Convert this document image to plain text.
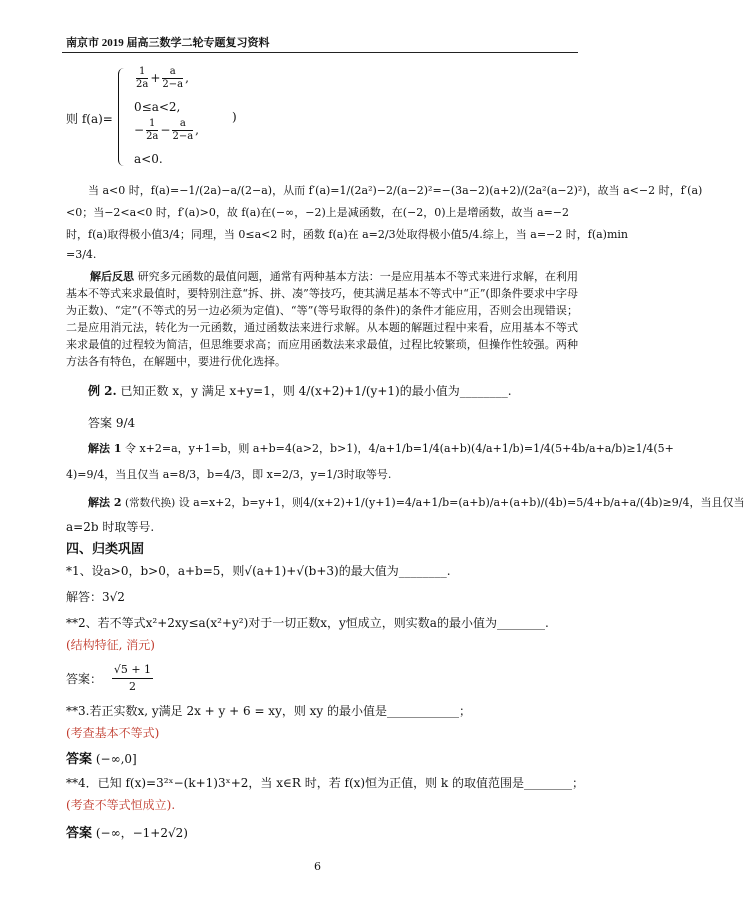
南京市 2019 届高三数学二轮专题复习资料
则 f(a)=
$\frac{1}{2a} + \frac{a}{2-a}$ ,
0≤a<2,
− $\frac{1}{2a} - \frac{a}{2-a}$ ,
a<0.
)
当 a<0 时，f(a)=−1/(2a)−a/(2−a)，从而 f′(a)=1/(2a²)−2/(a−2)²=−(3a−2)(a+2)/(2a²(a−2)²)，故当 a<−2 时，f′(a)
<0；当−2<a<0 时，f′(a)>0，故 f(a)在(−∞，−2)上是减函数，在(−2，0)上是增函数，故当 a=−2
时，f(a)取得极小值3/4；同理，当 0≤a<2 时，函数 f(a)在 a=2/3处取得极小值5/4.综上，当 a=−2 时，f(a)min
=3/4.
解后反思 研究多元函数的最值问题，通常有两种基本方法：一是应用基本不等式来进行求解，在利用基本不等式来求最值时，要特别注意“拆、拼、凑”等技巧，使其满足基本不等式中“正”(即条件要求中字母为正数)、“定”(不等式的另一边必须为定值)、“等”(等号取得的条件)的条件才能应用，否则会出现错误；二是应用消元法，转化为一元函数，通过函数法来进行求解。从本题的解题过程中来看，应用基本不等式来求最值的过程较为简洁，但思维要求高；而应用函数法来求最值，过程比较繁琐，但操作性较强。两种方法各有特色，在解题中，要进行优化选择。
例 2. 已知正数 x，y 满足 x+y=1，则 4/(x+2)+1/(y+1)的最小值为________.
答案 9/4
解法 1 令 x+2=a，y+1=b，则 a+b=4(a>2，b>1)，4/a+1/b=1/4(a+b)(4/a+1/b)=1/4(5+4b/a+a/b)≥1/4(5+
4)=9/4，当且仅当 a=8/3，b=4/3，即 x=2/3，y=1/3时取等号.
解法 2 (常数代换) 设 a=x+2，b=y+1，则4/(x+2)+1/(y+1)=4/a+1/b=(a+b)/a+(a+b)/(4b)=5/4+b/a+a/(4b)≥9/4，当且仅当
a=2b 时取等号.
四、归类巩固
*1、设a>0，b>0，a+b=5，则√(a+1)+√(b+3)的最大值为________.
解答：3√2
**2、若不等式x²+2xy≤a(x²+y²)对于一切正数x，y恒成立，则实数a的最小值为________.
(结构特征, 消元)
答案： $\frac{√5 + 1}{2}$
**3.若正实数x, y满足 2x + y + 6 = xy，则 xy 的最小值是____________；
(考查基本不等式)
答案 (−∞,0]
**4．已知 f(x)=3²ˣ−(k+1)3ˣ+2，当 x∈R 时，若 f(x)恒为正值，则 k 的取值范围是________；
(考查不等式恒成立).
答案 (−∞，−1+2√2)
6
